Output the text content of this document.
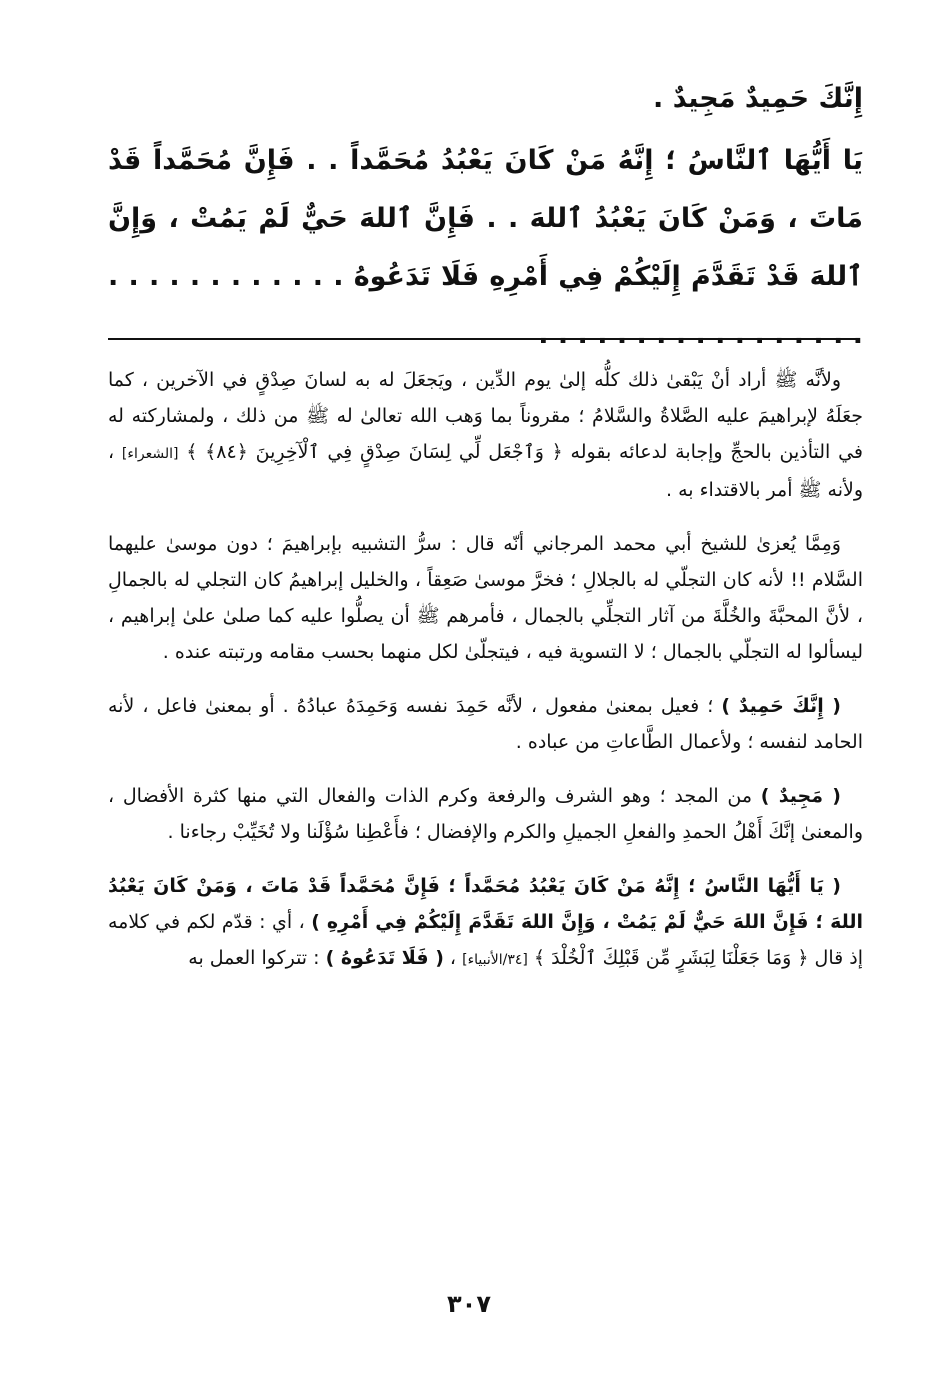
إِنَّكَ حَمِيدٌ مَجِيدٌ .

يَا أَيُّهَا ٱلنَّاسُ ؛ إِنَّهُ مَنْ كَانَ يَعْبُدُ مُحَمَّداً . . فَإِنَّ مُحَمَّداً قَدْ مَاتَ ، وَمَنْ كَانَ يَعْبُدُ ٱللهَ . . فَإِنَّ ٱللهَ حَيٌّ لَمْ يَمُتْ ، وَإِنَّ ٱللهَ قَدْ تَقَدَّمَ إِلَيْكُمْ فِي أَمْرِهِ فَلَا تَدَعُوهُ . . . . . . . . . . . . . . . . . . . . . . . . . . . . .

ولأنَّه ﷺ أراد أنْ يَبْقىٰ ذلك كلُّه إلىٰ يوم الدِّين ، ويَجعَلَ له به لسانَ صِدْقٍ في الآخرين ، كما جعَلَهُ لإبراهيمَ عليه الصَّلاةُ والسَّلامُ ؛ مقروناً بما وَهب الله تعالىٰ له ﷺ من ذلك ، ولمشاركته له في التأذين بالحجِّ وإجابة لدعائه بقوله ﴿ وَٱجْعَل لِّي لِسَانَ صِدْقٍ فِي ٱلْآخِرِينَ ﴿٨٤﴾ ﴾ [الشعراء] ، ولأنه ﷺ أمر بالاقتداء به .

وَمِمَّا يُعزىٰ للشيخ أبي محمد المرجاني أنّه قال : سرُّ التشبيه بإبراهيمَ ؛ دون موسىٰ عليهما السَّلام !! لأنه كان التجلّي له بالجلالِ ؛ فخرَّ موسىٰ صَعِقاً ، والخليل إبراهيمُ كان التجلي له بالجمالِ ، لأنَّ المحبَّةَ والخُلَّةَ من آثار التجلِّي بالجمال ، فأمرهم ﷺ أن يصلُّوا عليه كما صلىٰ علىٰ إبراهيم ، ليسألوا له التجلّي بالجمال ؛ لا التسوية فيه ، فيتجلّىٰ لكل منهما بحسب مقامه ورتبته عنده .

( إِنَّكَ حَمِيدٌ ) ؛ فعيل بمعنىٰ مفعول ، لأنَّه حَمِدَ نفسه وَحَمِدَهُ عبادُهُ . أو بمعنىٰ فاعل ، لأنه الحامد لنفسه ؛ ولأعمال الطَّاعاتِ من عباده .

( مَجِيدٌ ) من المجد ؛ وهو الشرف والرفعة وكرم الذات والفعال التي منها كثرة الأفضال ، والمعنىٰ إنَّكَ أَهْلُ الحمدِ والفعلِ الجميلِ والكرم والإفضال ؛ فأَعْطِنا سُؤْلَنا ولا تُخَيِّبْ رجاءنا .

( يَا أَيُّهَا النَّاسُ ؛ إِنَّهُ مَنْ كَانَ يَعْبُدُ مُحَمَّداً ؛ فَإِنَّ مُحَمَّداً قَدْ مَاتَ ، وَمَنْ كَانَ يَعْبُدُ اللهَ ؛ فَإِنَّ اللهَ حَيٌّ لَمْ يَمُتْ ، وَإِنَّ اللهَ تَقَدَّمَ إِلَيْكُمْ فِي أَمْرِهِ ) ، أي : قدّم لكم في كلامه إذ قال ﴿ وَمَا جَعَلْنَا لِبَشَرٍ مِّن قَبْلِكَ ٱلْخُلْدَ ﴾ [٣٤/الأنبياء] ، ( فَلَا تَدَعُوهُ ) : تتركوا العمل به

٣٠٧
